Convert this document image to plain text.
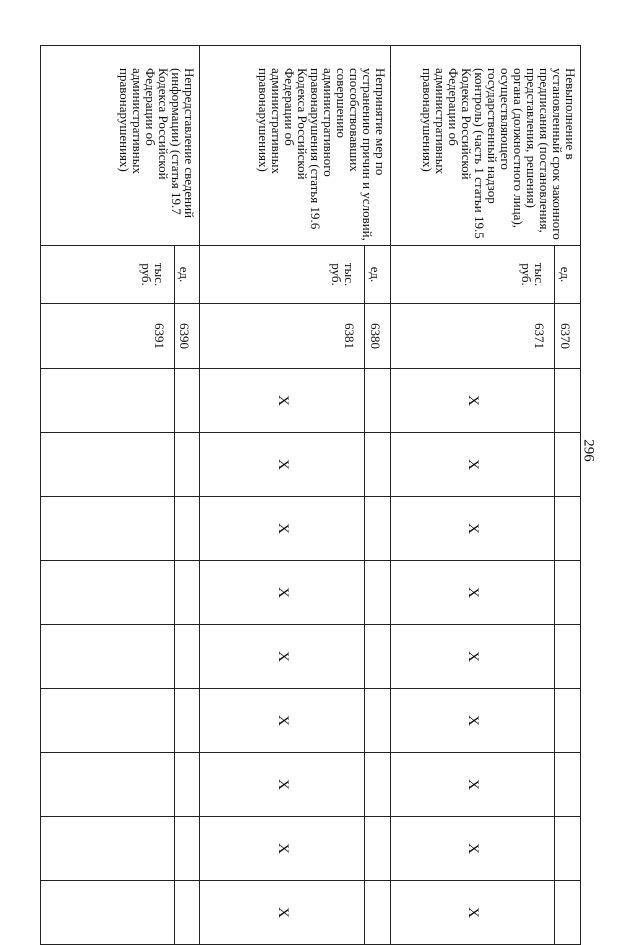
296
Невыполнение в установленный срок законного предписания (постановления, представления, решения) органа (должностного лица), осуществляющего государственный надзор (контроль) (часть 1 статьи 19.5 Кодекса Российской Федерации об административных правонарушениях)	ед.	6370									
	тыс. руб.	6371	X	X	X	X	X	X	X	X	X
Непринятие мер по устранению причин и условий, способствовавших совершению административного правонарушения (статья 19.6 Кодекса Российской Федерации об административных правонарушениях)	ед.	6380									
	тыс. руб.	6381	X	X	X	X	X	X	X	X	X
Непредставление сведений (информации) (статья 19.7 Кодекса Российской Федерации об административных правонарушениях)	ед.	6390									
	тыс. руб.	6391									
